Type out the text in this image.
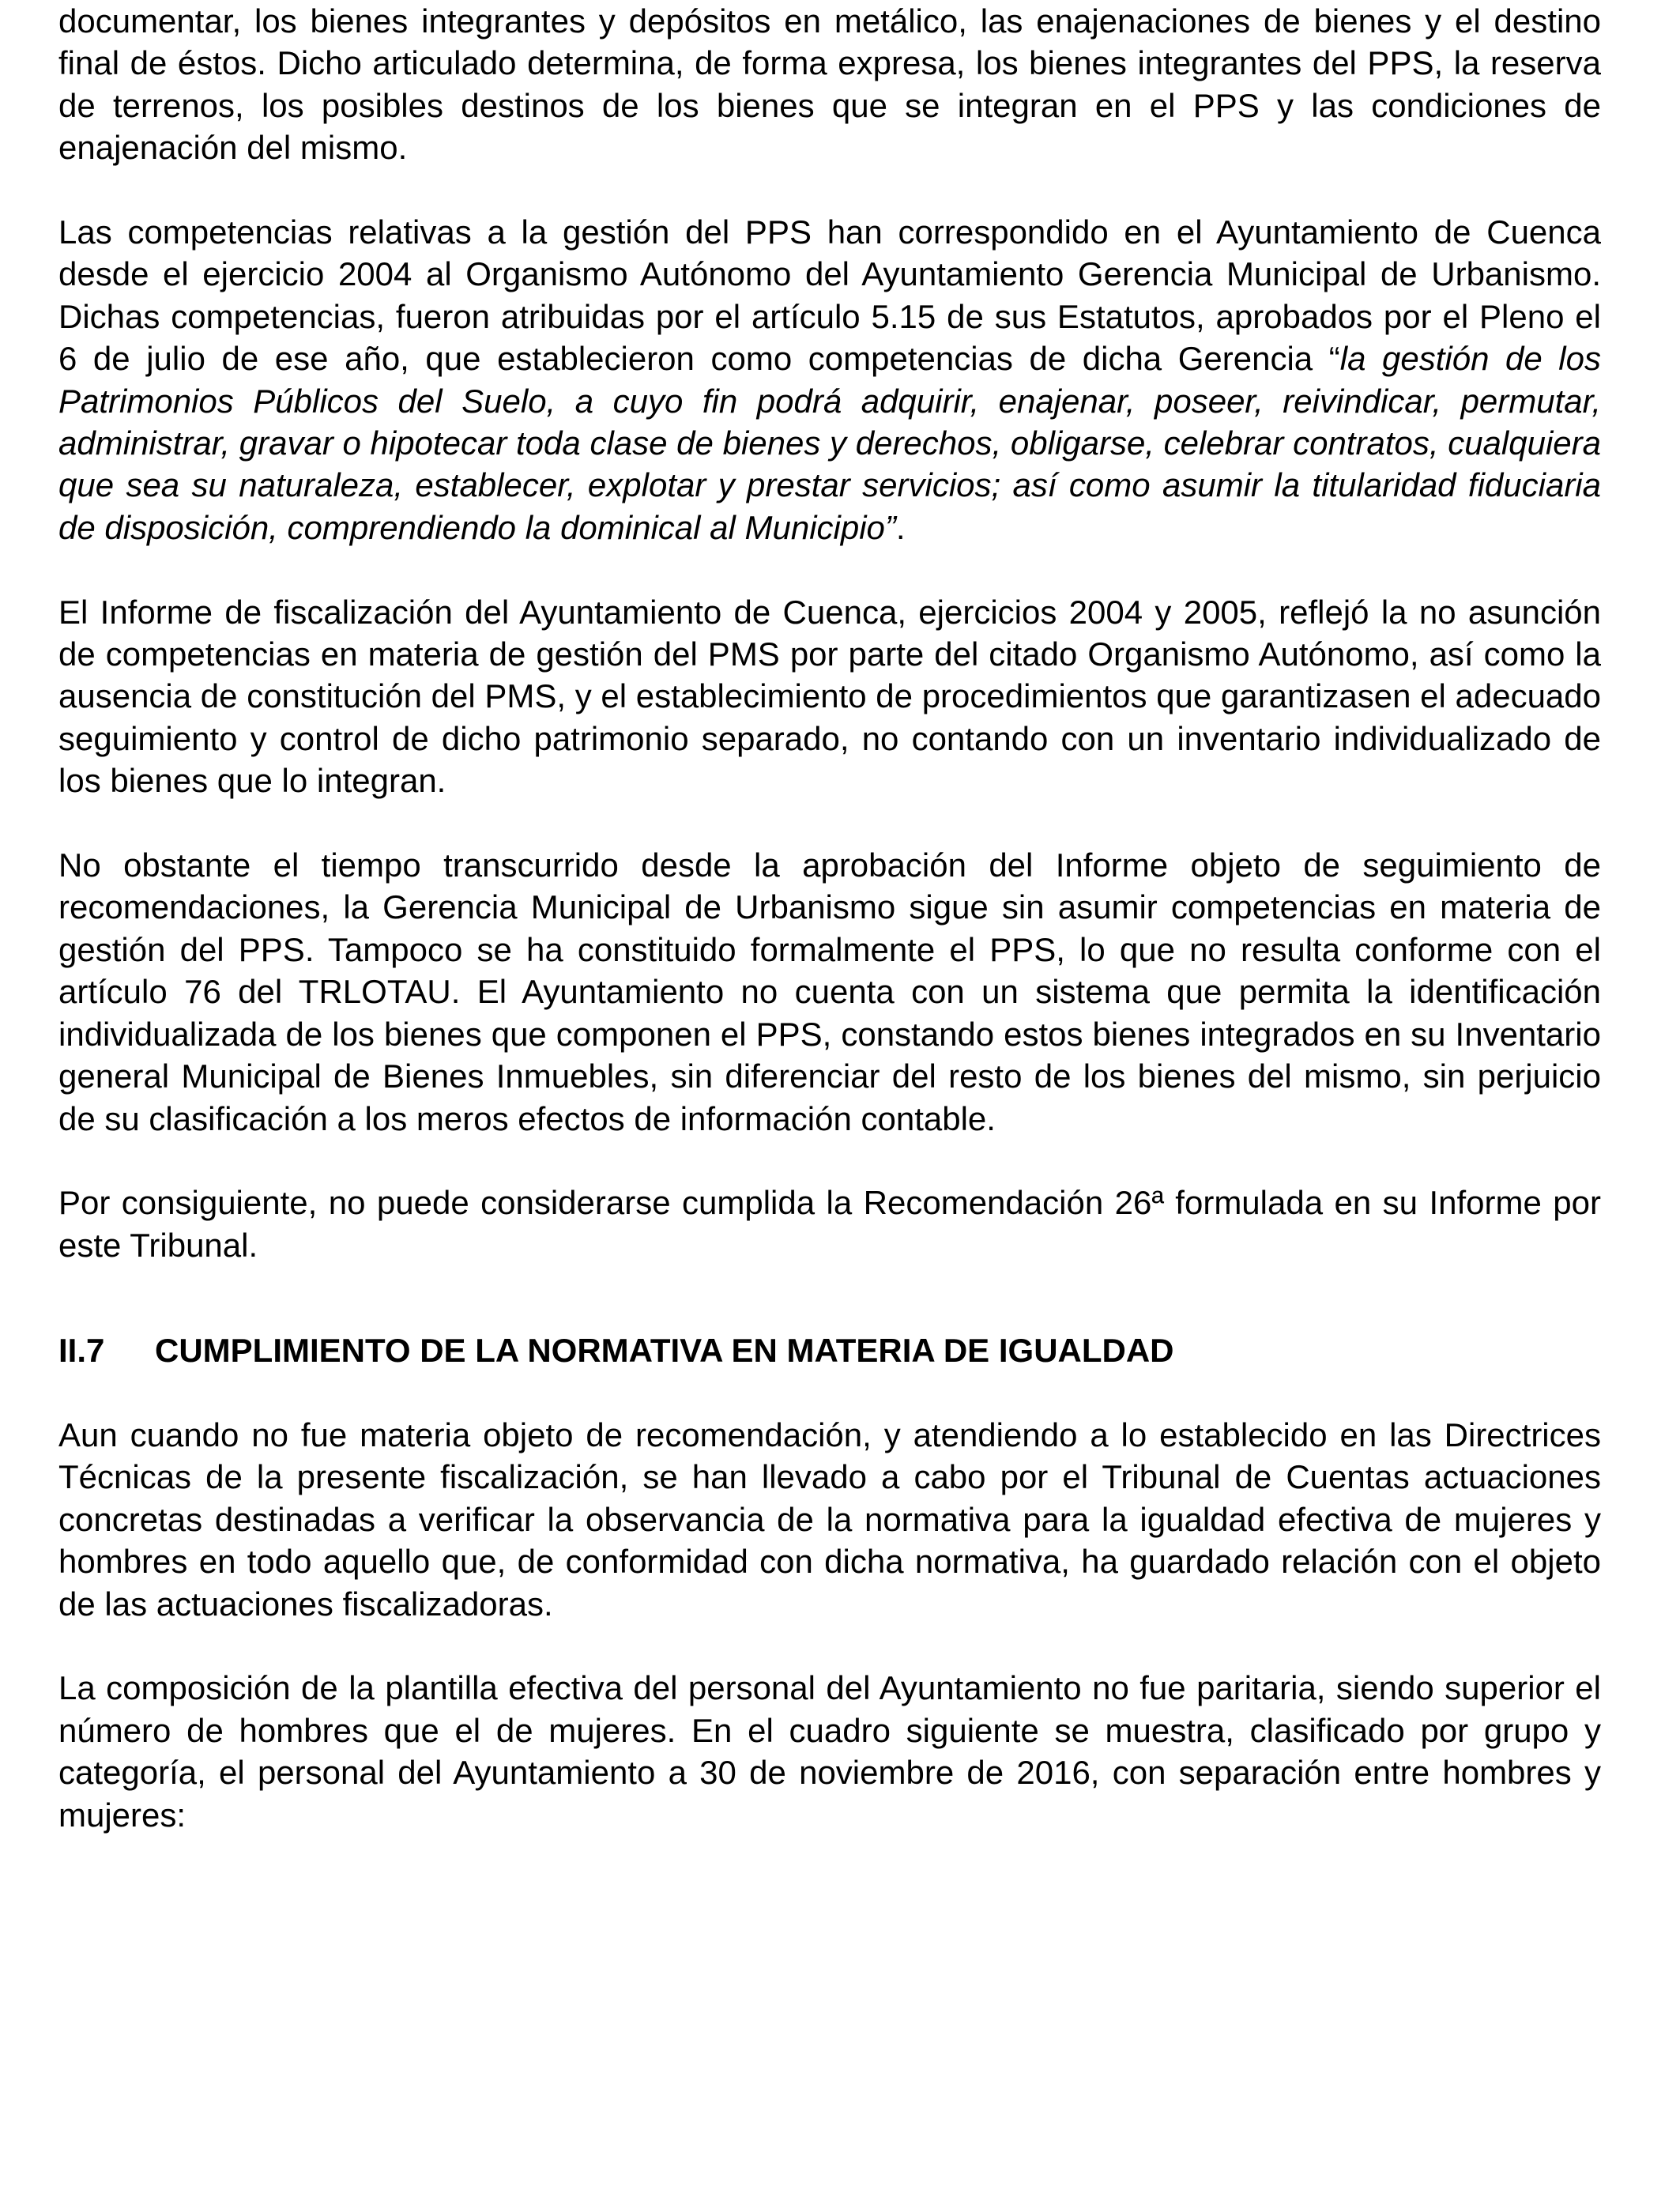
documentar, los bienes integrantes y depósitos en metálico, las enajenaciones de bienes y el destino final de éstos. Dicho articulado determina, de forma expresa, los bienes integrantes del PPS, la reserva de terrenos, los posibles destinos de los bienes que se integran en el PPS y las condiciones de enajenación del mismo.

Las competencias relativas a la gestión del PPS han correspondido en el Ayuntamiento de Cuenca desde el ejercicio 2004 al Organismo Autónomo del Ayuntamiento Gerencia Municipal de Urbanismo. Dichas competencias, fueron atribuidas por el artículo 5.15 de sus Estatutos, aprobados por el Pleno el 6 de julio de ese año, que establecieron como competencias de dicha Gerencia “la gestión de los Patrimonios Públicos del Suelo, a cuyo fin podrá adquirir, enajenar, poseer, reivindicar, permutar, administrar, gravar o hipotecar toda clase de bienes y derechos, obligarse, celebrar contratos, cualquiera que sea su naturaleza, establecer, explotar y prestar servicios; así como asumir la titularidad fiduciaria de disposición, comprendiendo la dominical al Municipio”.

El Informe de fiscalización del Ayuntamiento de Cuenca, ejercicios 2004 y 2005, reflejó la no asunción de competencias en materia de gestión del PMS por parte del citado Organismo Autónomo, así como la ausencia de constitución del PMS, y el establecimiento de procedimientos que garantizasen el adecuado seguimiento y control de dicho patrimonio separado, no contando con un inventario individualizado de los bienes que lo integran.

No obstante el tiempo transcurrido desde la aprobación del Informe objeto de seguimiento de recomendaciones, la Gerencia Municipal de Urbanismo sigue sin asumir competencias en materia de gestión del PPS. Tampoco se ha constituido formalmente el PPS, lo que no resulta conforme con el artículo 76 del TRLOTAU. El Ayuntamiento no cuenta con un sistema que permita la identificación individualizada de los bienes que componen el PPS, constando estos bienes integrados en su Inventario general Municipal de Bienes Inmuebles, sin diferenciar del resto de los bienes del mismo, sin perjuicio de su clasificación a los meros efectos de información contable.

Por consiguiente, no puede considerarse cumplida la Recomendación 26ª formulada en su Informe por este Tribunal.

II.7	CUMPLIMIENTO DE LA NORMATIVA EN MATERIA DE IGUALDAD

Aun cuando no fue materia objeto de recomendación, y atendiendo a lo establecido en las Directrices Técnicas de la presente fiscalización, se han llevado a cabo por el Tribunal de Cuentas actuaciones concretas destinadas a verificar la observancia de la normativa para la igualdad efectiva de mujeres y hombres en todo aquello que, de conformidad con dicha normativa, ha guardado relación con el objeto de las actuaciones fiscalizadoras.

La composición de la plantilla efectiva del personal del Ayuntamiento no fue paritaria, siendo superior el número de hombres que el de mujeres. En el cuadro siguiente se muestra, clasificado por grupo y categoría, el personal del Ayuntamiento a 30 de noviembre de 2016, con separación entre hombres y mujeres:
